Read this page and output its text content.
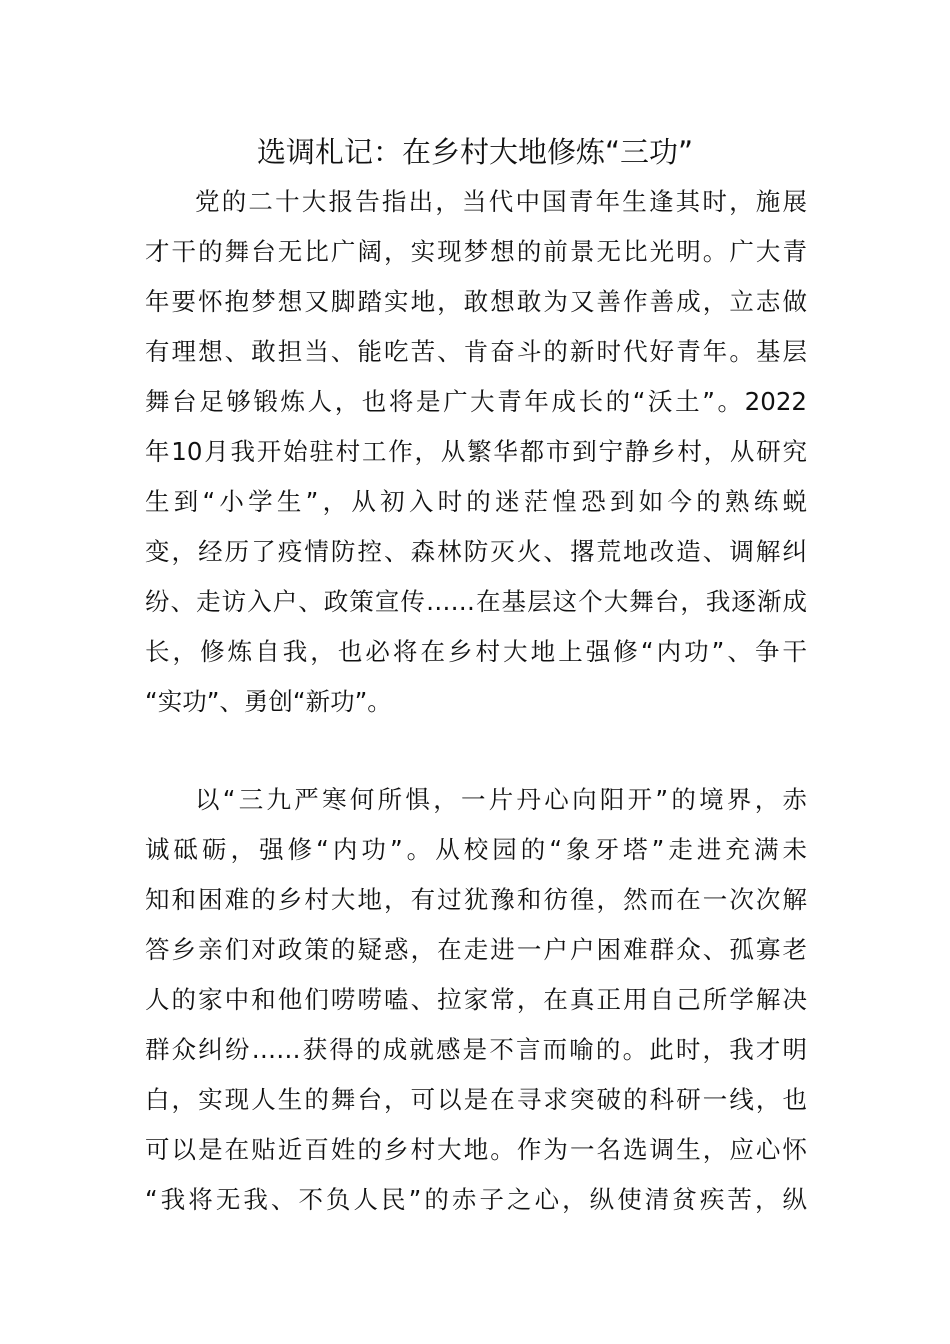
选调札记：在乡村大地修炼“三功”
党的二十大报告指出，当代中国青年生逢其时，施展
才干的舞台无比广阔，实现梦想的前景无比光明。广大青
年要怀抱梦想又脚踏实地，敢想敢为又善作善成，立志做
有理想、敢担当、能吃苦、肯奋斗的新时代好青年。基层
舞台足够锻炼人，也将是广大青年成长的“沃土”。2022
年10月我开始驻村工作，从繁华都市到宁静乡村，从研究
生到“小学生”，从初入时的迷茫惶恐到如今的熟练蜕
变，经历了疫情防控、森林防灭火、撂荒地改造、调解纠
纷、走访入户、政策宣传……在基层这个大舞台，我逐渐成
长，修炼自我，也必将在乡村大地上强修“内功”、争干
“实功”、勇创“新功”。
以“三九严寒何所惧，一片丹心向阳开”的境界，赤
诚砥砺，强修“内功”。从校园的“象牙塔”走进充满未
知和困难的乡村大地，有过犹豫和彷徨，然而在一次次解
答乡亲们对政策的疑惑，在走进一户户困难群众、孤寡老
人的家中和他们唠唠嗑、拉家常，在真正用自己所学解决
群众纠纷……获得的成就感是不言而喻的。此时，我才明
白，实现人生的舞台，可以是在寻求突破的科研一线，也
可以是在贴近百姓的乡村大地。作为一名选调生，应心怀
“我将无我、不负人民”的赤子之心，纵使清贫疾苦，纵
